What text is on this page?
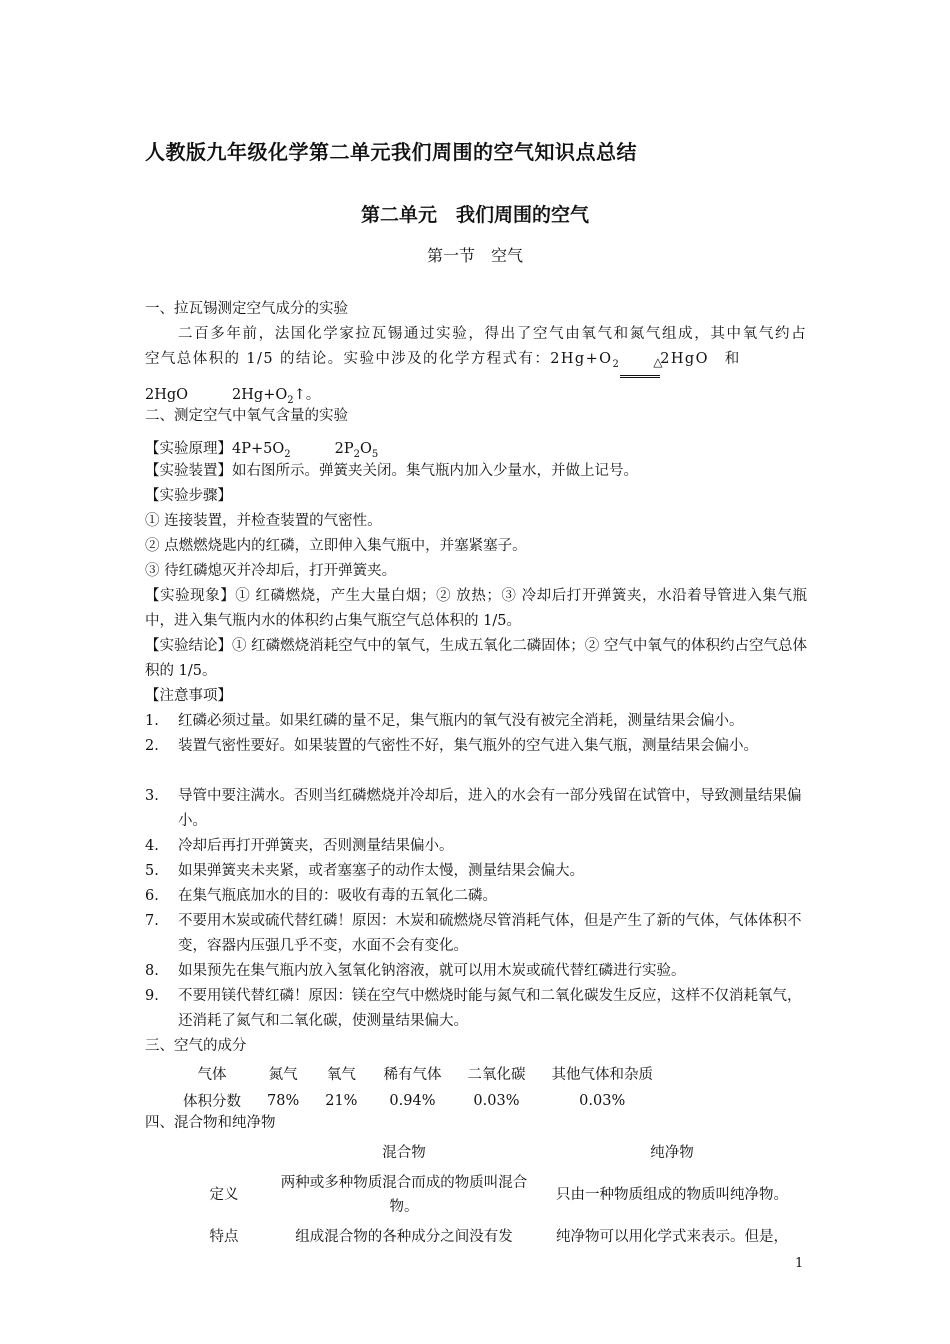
人教版九年级化学第二单元我们周围的空气知识点总结
第二单元　我们周围的空气
第一节　空气
一、拉瓦锡测定空气成分的实验
二百多年前，法国化学家拉瓦锡通过实验，得出了空气由氧气和氮气组成，其中氧气约占空气总体积的 1/5 的结论。实验中涉及的化学方程式有：$2Hg+O_2$	△2HgO　 和
2HgO	$2Hg+O_2↑$。
二、测定空气中氧气含量的实验
【实验原理】$4P+5O_2$	$2P_2O_5$
【实验装置】如右图所示。弹簧夹关闭。集气瓶内加入少量水，并做上记号。
【实验步骤】
① 连接装置，并检查装置的气密性。
② 点燃燃烧匙内的红磷，立即伸入集气瓶中，并塞紧塞子。
③ 待红磷熄灭并冷却后，打开弹簧夹。
【实验现象】① 红磷燃烧，产生大量白烟；② 放热；③ 冷却后打开弹簧夹，水沿着导管进入集气瓶中，进入集气瓶内水的体积约占集气瓶空气总体积的 1/5。
【实验结论】① 红磷燃烧消耗空气中的氧气，生成五氧化二磷固体；② 空气中氧气的体积约占空气总体积的 1/5。
【注意事项】
1.	红磷必须过量。如果红磷的量不足，集气瓶内的氧气没有被完全消耗，测量结果会偏小。
2.	装置气密性要好。如果装置的气密性不好，集气瓶外的空气进入集气瓶，测量结果会偏小。
3.	导管中要注满水。否则当红磷燃烧并冷却后，进入的水会有一部分残留在试管中，导致测量结果偏小。
4.	冷却后再打开弹簧夹，否则测量结果偏小。
5.	如果弹簧夹未夹紧，或者塞塞子的动作太慢，测量结果会偏大。
6.	在集气瓶底加水的目的：吸收有毒的五氧化二磷。
7.	不要用木炭或硫代替红磷！原因：木炭和硫燃烧尽管消耗气体，但是产生了新的气体，气体体积不变，容器内压强几乎不变，水面不会有变化。
8.	如果预先在集气瓶内放入氢氧化钠溶液，就可以用木炭或硫代替红磷进行实验。
9.	不要用镁代替红磷！原因：镁在空气中燃烧时能与氮气和二氧化碳发生反应，这样不仅消耗氧气，还消耗了氮气和二氧化碳，使测量结果偏大。
三、空气的成分
气体	氮气	氧气	稀有气体	二氧化碳	其他气体和杂质
体积分数	78%	21%	0.94%	0.03%	0.03%
四、混合物和纯净物
	混合物	纯净物
定义	两种或多种物质混合而成的物质叫混合物。	只由一种物质组成的物质叫纯净物。
特点	组成混合物的各种成分之间没有发	纯净物可以用化学式来表示。但是，
1
